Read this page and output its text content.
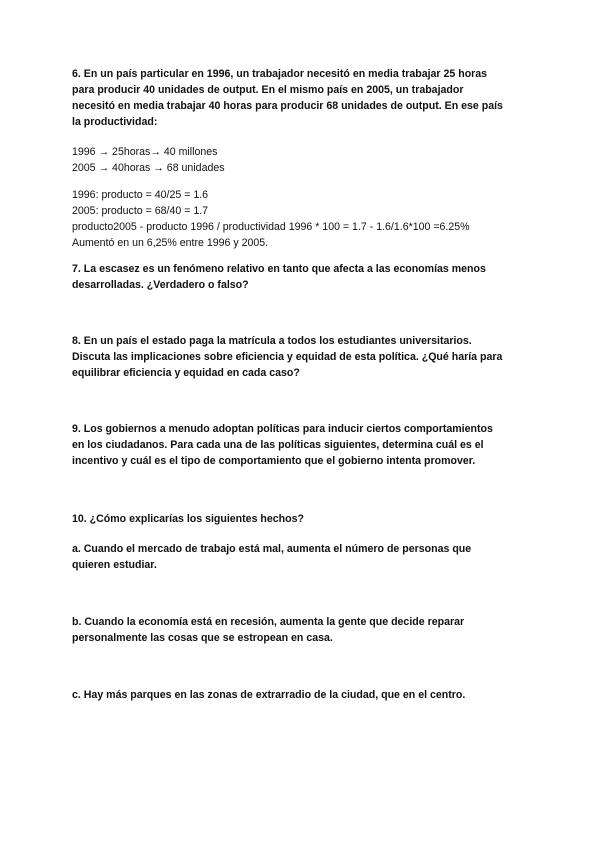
6. En un país particular en 1996, un trabajador necesitó en media trabajar 25 horas
para producir 40 unidades de output. En el mismo país en 2005, un trabajador
necesitó en media trabajar 40 horas para producir 68 unidades de output. En ese país
la productividad:
1996 → 25horas→ 40 millones
2005 → 40horas → 68 unidades
1996: producto = 40/25 = 1.6
2005: producto = 68/40 = 1.7
producto2005 - producto 1996 / productividad 1996 * 100 = 1.7 - 1.6/1.6*100 =6.25%
Aumentó en un 6,25% entre 1996 y 2005.
7. La escasez es un fenómeno relativo en tanto que afecta a las economías menos
desarrolladas. ¿Verdadero o falso?
8. En un país el estado paga la matrícula a todos los estudiantes universitarios.
Discuta las implicaciones sobre eficiencia y equidad de esta política. ¿Qué haría para
equilibrar eficiencia y equidad en cada caso?
9. Los gobiernos a menudo adoptan políticas para inducir ciertos comportamientos
en los ciudadanos. Para cada una de las políticas siguientes, determina cuál es el
incentivo y cuál es el tipo de comportamiento que el gobierno intenta promover.
10. ¿Cómo explicarías los siguientes hechos?
a. Cuando el mercado de trabajo está mal, aumenta el número de personas que
quieren estudiar.
b. Cuando la economía está en recesión, aumenta la gente que decide reparar
personalmente las cosas que se estropean en casa.
c. Hay más parques en las zonas de extrarradio de la ciudad, que en el centro.
